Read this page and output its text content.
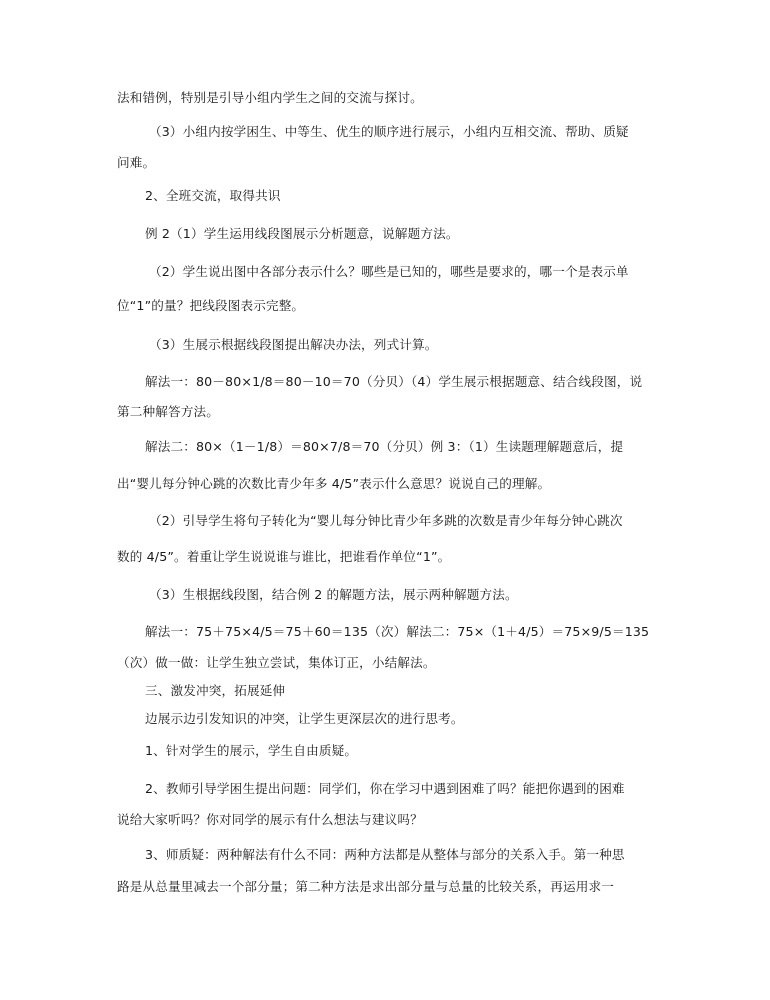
法和错例，特别是引导小组内学生之间的交流与探讨。
（3）小组内按学困生、中等生、优生的顺序进行展示，小组内互相交流、帮助、质疑
问难。
2、全班交流，取得共识
例 2（1）学生运用线段图展示分析题意，说解题方法。
（2）学生说出图中各部分表示什么？哪些是已知的，哪些是要求的，哪一个是表示单
位“1”的量？把线段图表示完整。
（3）生展示根据线段图提出解决办法，列式计算。
解法一：80－80×1/8＝80－10＝70（分贝）（4）学生展示根据题意、结合线段图，说
第二种解答方法。
解法二：80×（1－1/8）＝80×7/8＝70（分贝）例 3：（1）生读题理解题意后，提
出“婴儿每分钟心跳的次数比青少年多 4/5”表示什么意思？说说自己的理解。
（2）引导学生将句子转化为“婴儿每分钟比青少年多跳的次数是青少年每分钟心跳次
数的 4/5”。着重让学生说说谁与谁比，把谁看作单位“1”。
（3）生根据线段图，结合例 2 的解题方法，展示两种解题方法。
解法一：75＋75×4/5＝75＋60＝135（次）解法二：75×（1＋4/5）＝75×9/5＝135
（次）做一做：让学生独立尝试，集体订正，小结解法。
三、激发冲突，拓展延伸
边展示边引发知识的冲突，让学生更深层次的进行思考。
1、针对学生的展示，学生自由质疑。
2、教师引导学困生提出问题：同学们，你在学习中遇到困难了吗？能把你遇到的困难
说给大家听吗？你对同学的展示有什么想法与建议吗？
3、师质疑：两种解法有什么不同：两种方法都是从整体与部分的关系入手。第一种思
路是从总量里减去一个部分量；第二种方法是求出部分量与总量的比较关系，再运用求一
